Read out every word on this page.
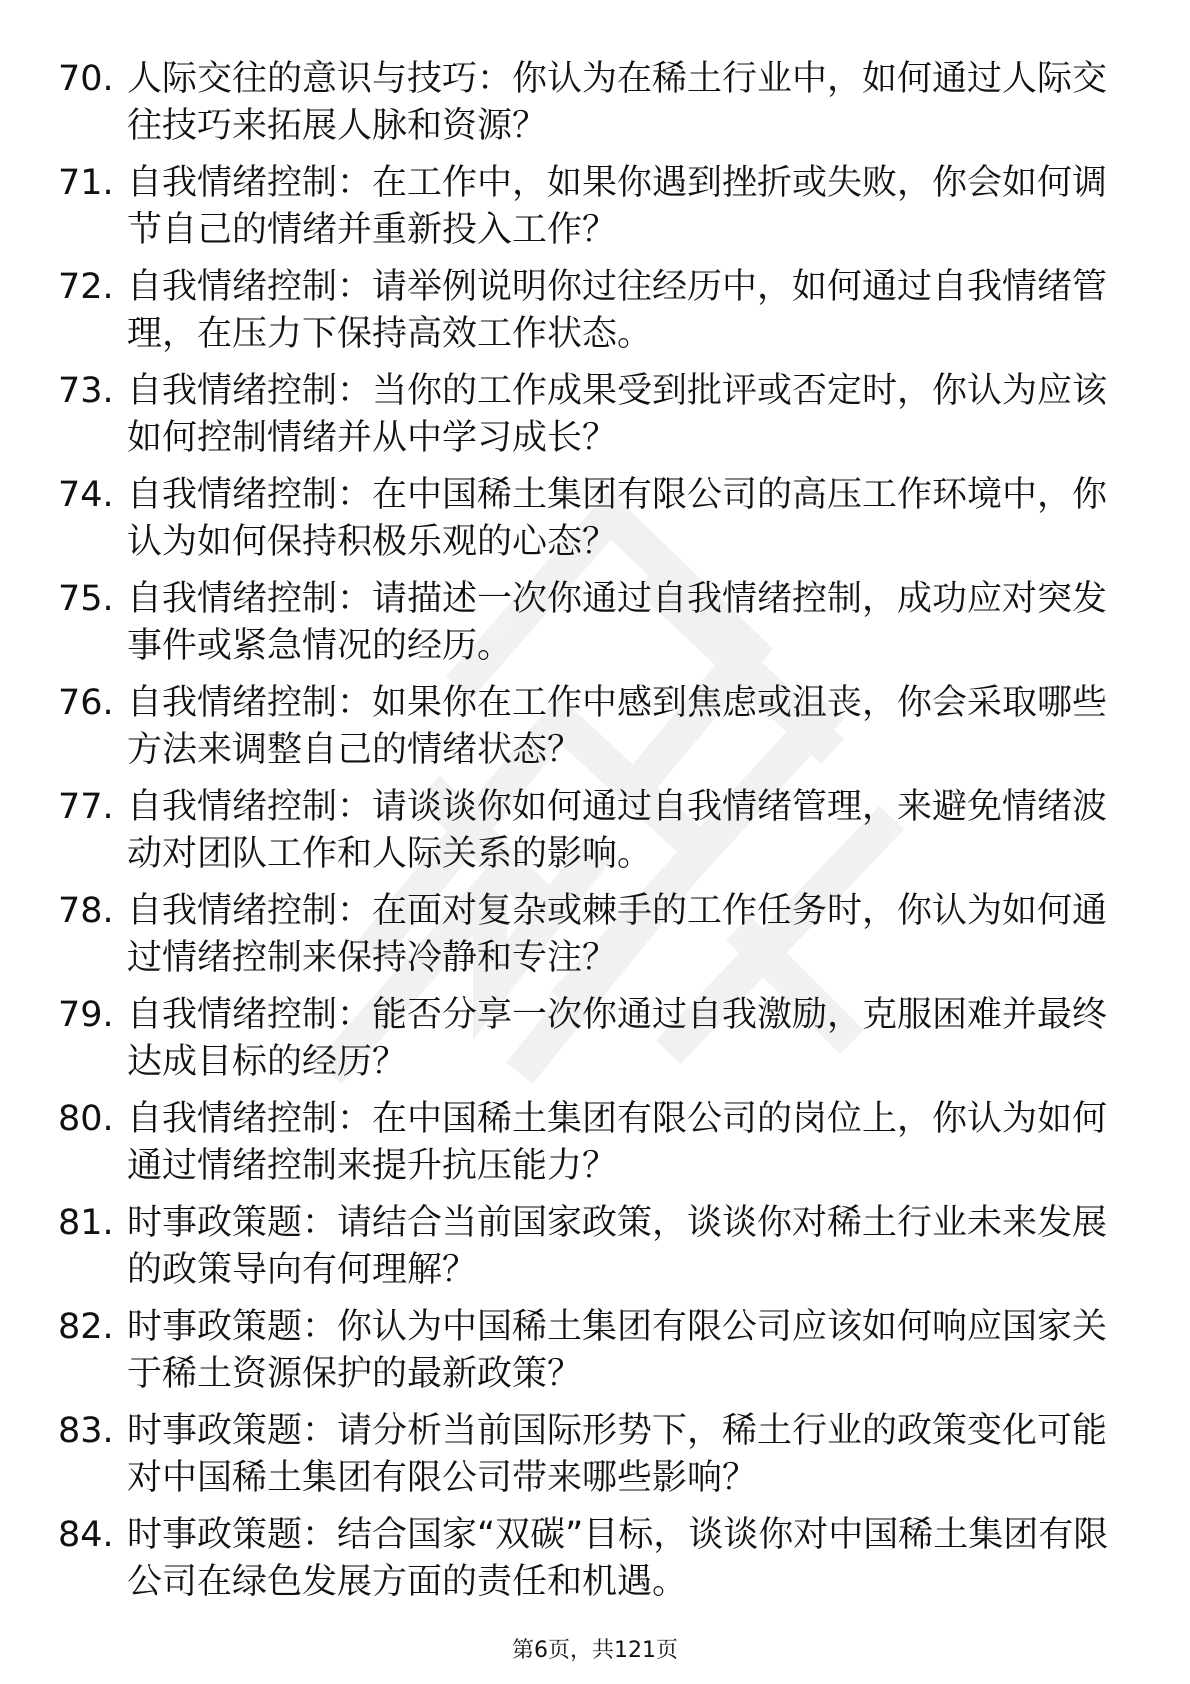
70. 人际交往的意识与技巧：你认为在稀土行业中，如何通过人际交往技巧来拓展人脉和资源？
71. 自我情绪控制：在工作中，如果你遇到挫折或失败，你会如何调节自己的情绪并重新投入工作？
72. 自我情绪控制：请举例说明你过往经历中，如何通过自我情绪管理，在压力下保持高效工作状态。
73. 自我情绪控制：当你的工作成果受到批评或否定时，你认为应该如何控制情绪并从中学习成长？
74. 自我情绪控制：在中国稀土集团有限公司的高压工作环境中，你认为如何保持积极乐观的心态？
75. 自我情绪控制：请描述一次你通过自我情绪控制，成功应对突发事件或紧急情况的经历。
76. 自我情绪控制：如果你在工作中感到焦虑或沮丧，你会采取哪些方法来调整自己的情绪状态？
77. 自我情绪控制：请谈谈你如何通过自我情绪管理，来避免情绪波动对团队工作和人际关系的影响。
78. 自我情绪控制：在面对复杂或棘手的工作任务时，你认为如何通过情绪控制来保持冷静和专注？
79. 自我情绪控制：能否分享一次你通过自我激励，克服困难并最终达成目标的经历？
80. 自我情绪控制：在中国稀土集团有限公司的岗位上，你认为如何通过情绪控制来提升抗压能力？
81. 时事政策题：请结合当前国家政策，谈谈你对稀土行业未来发展的政策导向有何理解？
82. 时事政策题：你认为中国稀土集团有限公司应该如何响应国家关于稀土资源保护的最新政策？
83. 时事政策题：请分析当前国际形势下，稀土行业的政策变化可能对中国稀土集团有限公司带来哪些影响？
84. 时事政策题：结合国家“双碳”目标，谈谈你对中国稀土集团有限公司在绿色发展方面的责任和机遇。
第6页，共121页
